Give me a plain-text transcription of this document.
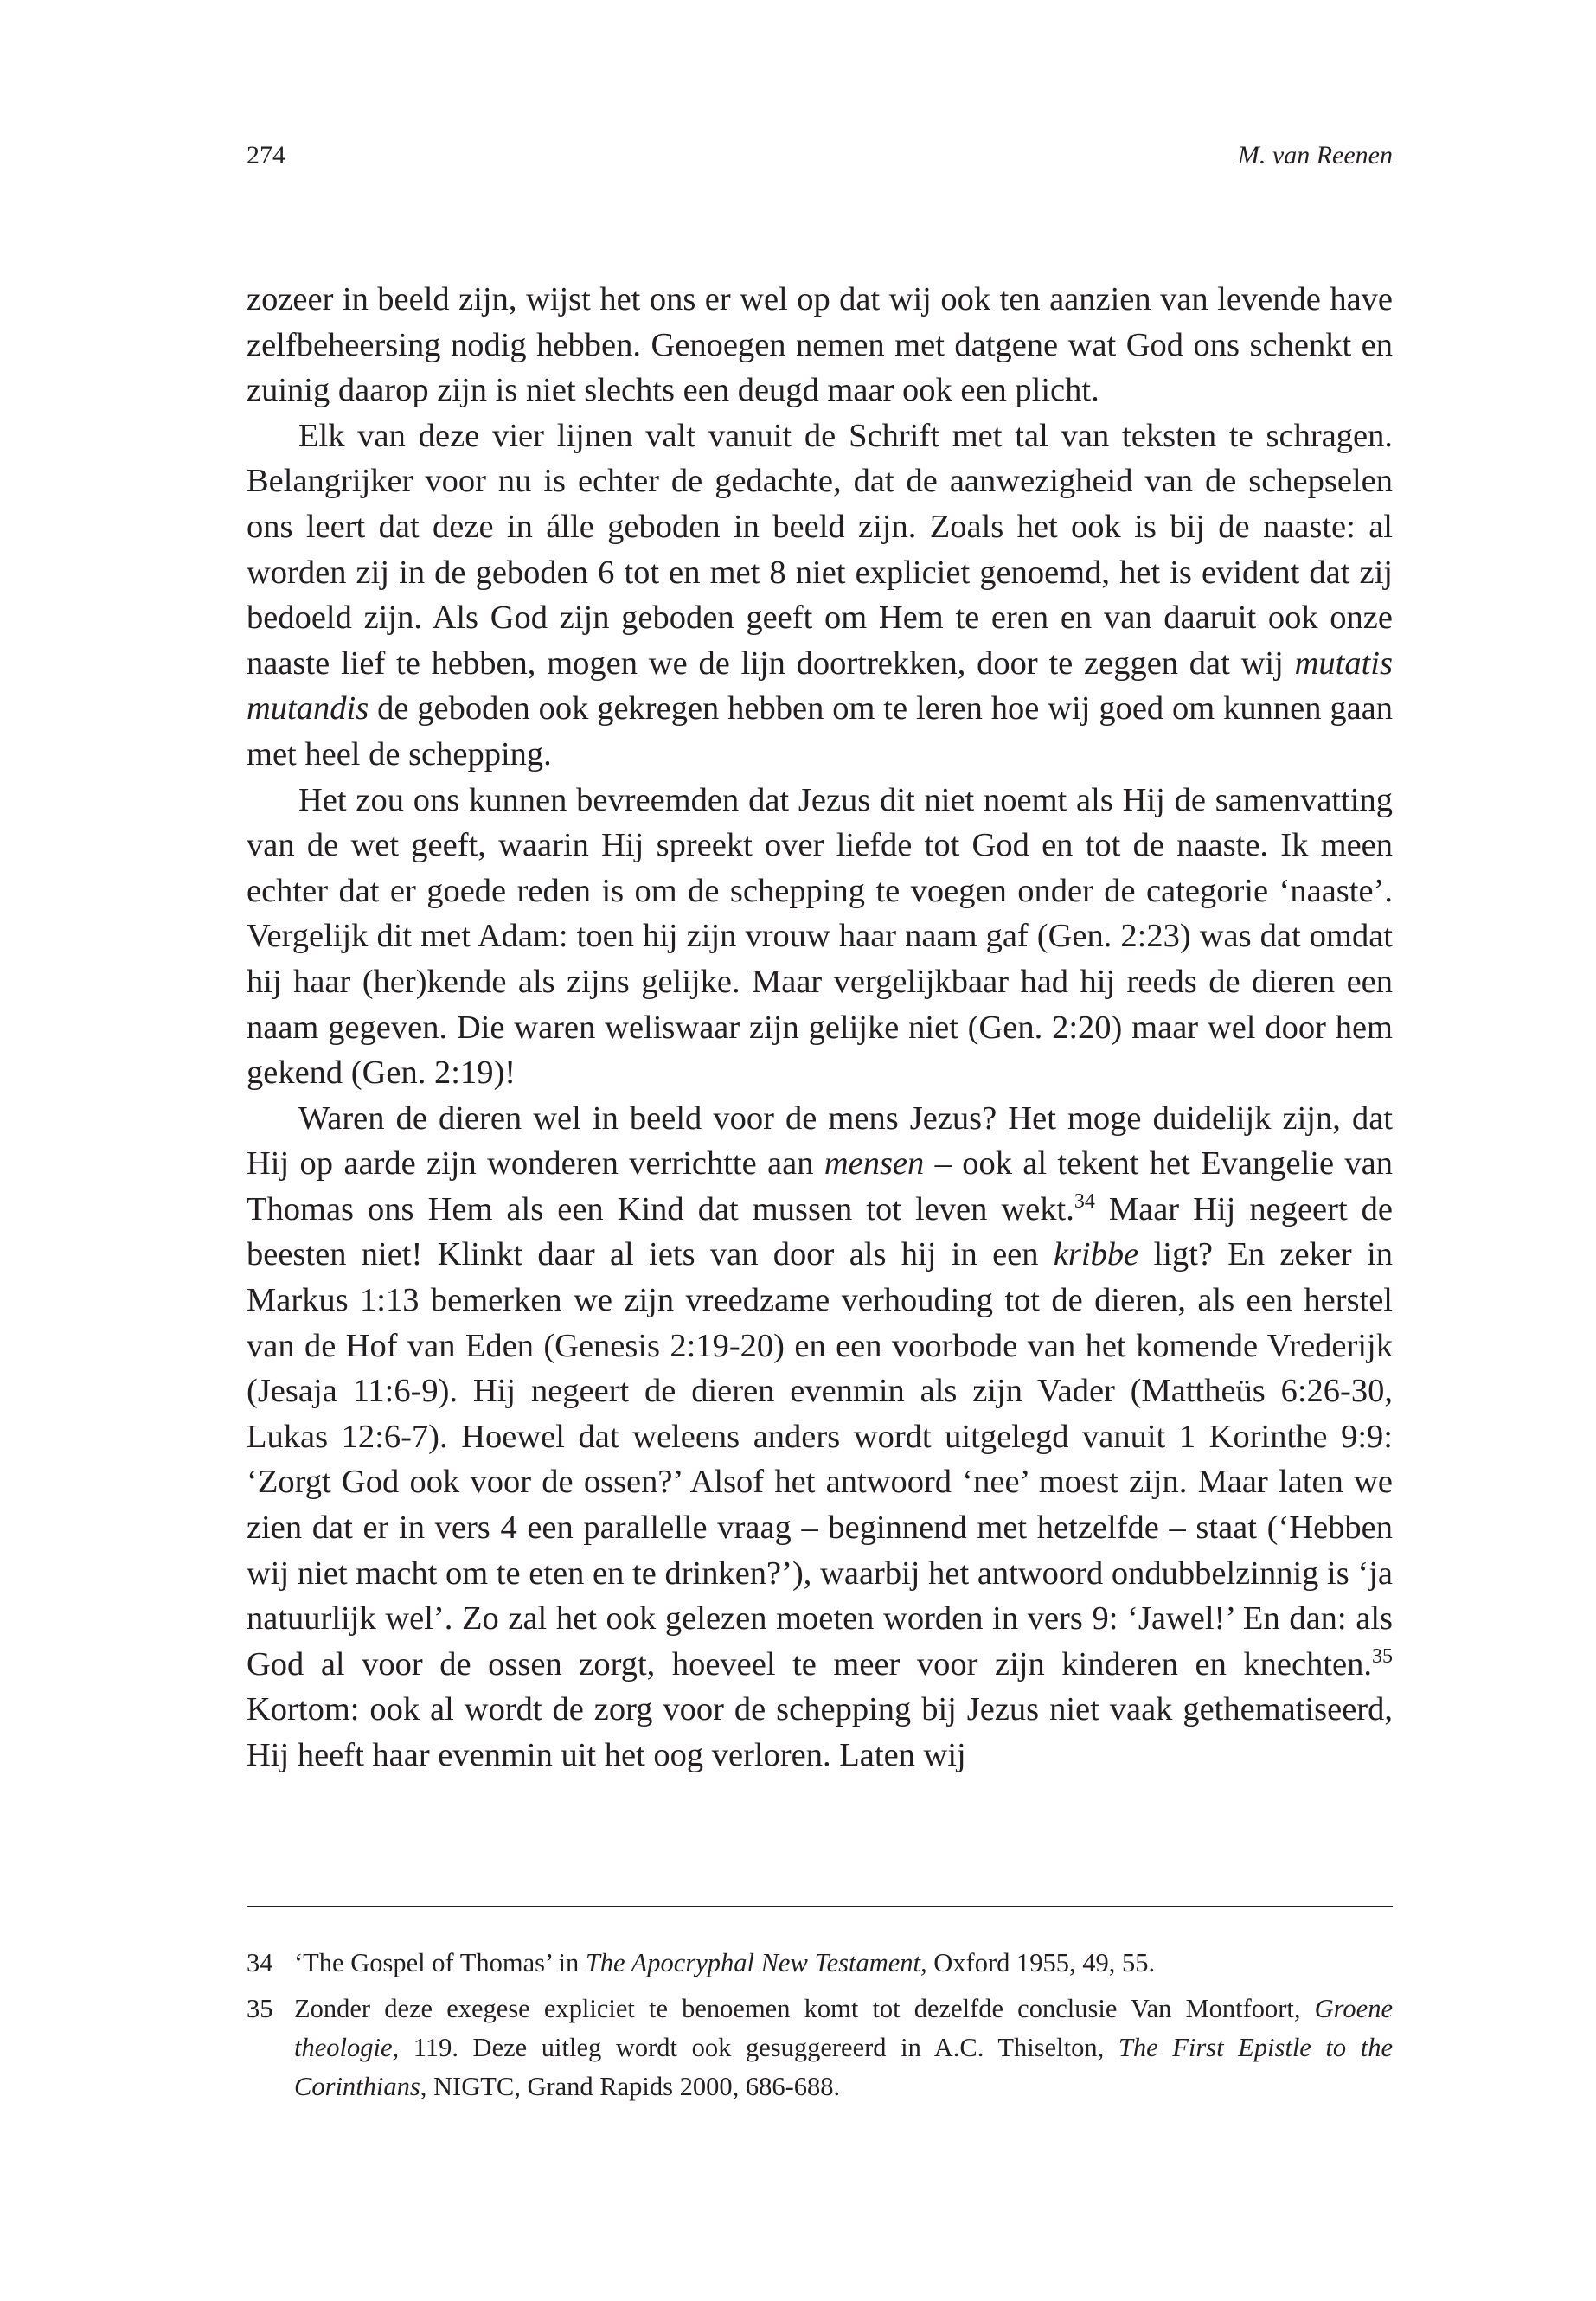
274	M. van Reenen

zozeer in beeld zijn, wijst het ons er wel op dat wij ook ten aanzien van levende have zelfbeheersing nodig hebben. Genoegen nemen met datgene wat God ons schenkt en zuinig daarop zijn is niet slechts een deugd maar ook een plicht.

Elk van deze vier lijnen valt vanuit de Schrift met tal van teksten te schragen. Belangrijker voor nu is echter de gedachte, dat de aanwezigheid van de schepselen ons leert dat deze in álle geboden in beeld zijn. Zoals het ook is bij de naaste: al worden zij in de geboden 6 tot en met 8 niet expliciet genoemd, het is evident dat zij bedoeld zijn. Als God zijn geboden geeft om Hem te eren en van daaruit ook onze naaste lief te hebben, mogen we de lijn doortrekken, door te zeggen dat wij mutatis mutandis de geboden ook gekregen hebben om te leren hoe wij goed om kunnen gaan met heel de schepping.

Het zou ons kunnen bevreemden dat Jezus dit niet noemt als Hij de samenvatting van de wet geeft, waarin Hij spreekt over liefde tot God en tot de naaste. Ik meen echter dat er goede reden is om de schepping te voegen onder de categorie ‘naaste’. Vergelijk dit met Adam: toen hij zijn vrouw haar naam gaf (Gen. 2:23) was dat omdat hij haar (her)kende als zijns gelijke. Maar vergelijkbaar had hij reeds de dieren een naam gegeven. Die waren weliswaar zijn gelijke niet (Gen. 2:20) maar wel door hem gekend (Gen. 2:19)!

Waren de dieren wel in beeld voor de mens Jezus? Het moge duidelijk zijn, dat Hij op aarde zijn wonderen verrichtte aan mensen – ook al tekent het Evangelie van Thomas ons Hem als een Kind dat mussen tot leven wekt.$^{34}$ Maar Hij negeert de beesten niet! Klinkt daar al iets van door als hij in een kribbe ligt? En zeker in Markus 1:13 bemerken we zijn vreedzame verhouding tot de dieren, als een herstel van de Hof van Eden (Genesis 2:19-20) en een voorbode van het komende Vrederijk (Jesaja 11:6-9). Hij negeert de dieren evenmin als zijn Vader (Mattheüs 6:26-30, Lukas 12:6-7). Hoewel dat weleens anders wordt uitgelegd vanuit 1 Korinthe 9:9: ‘Zorgt God ook voor de ossen?’ Alsof het antwoord ‘nee’ moest zijn. Maar laten we zien dat er in vers 4 een parallelle vraag – beginnend met hetzelfde – staat (‘Hebben wij niet macht om te eten en te drinken?’), waarbij het antwoord ondubbelzinnig is ‘ja natuurlijk wel’. Zo zal het ook gelezen moeten worden in vers 9: ‘Jawel!’ En dan: als God al voor de ossen zorgt, hoeveel te meer voor zijn kinderen en knechten.$^{35}$ Kortom: ook al wordt de zorg voor de schepping bij Jezus niet vaak gethematiseerd, Hij heeft haar evenmin uit het oog verloren. Laten wij

34 ‘The Gospel of Thomas’ in The Apocryphal New Testament, Oxford 1955, 49, 55.
35 Zonder deze exegese expliciet te benoemen komt tot dezelfde conclusie Van Montfoort, Groene theologie, 119. Deze uitleg wordt ook gesuggereerd in A.C. Thiselton, The First Epistle to the Corinthians, NIGTC, Grand Rapids 2000, 686-688.
